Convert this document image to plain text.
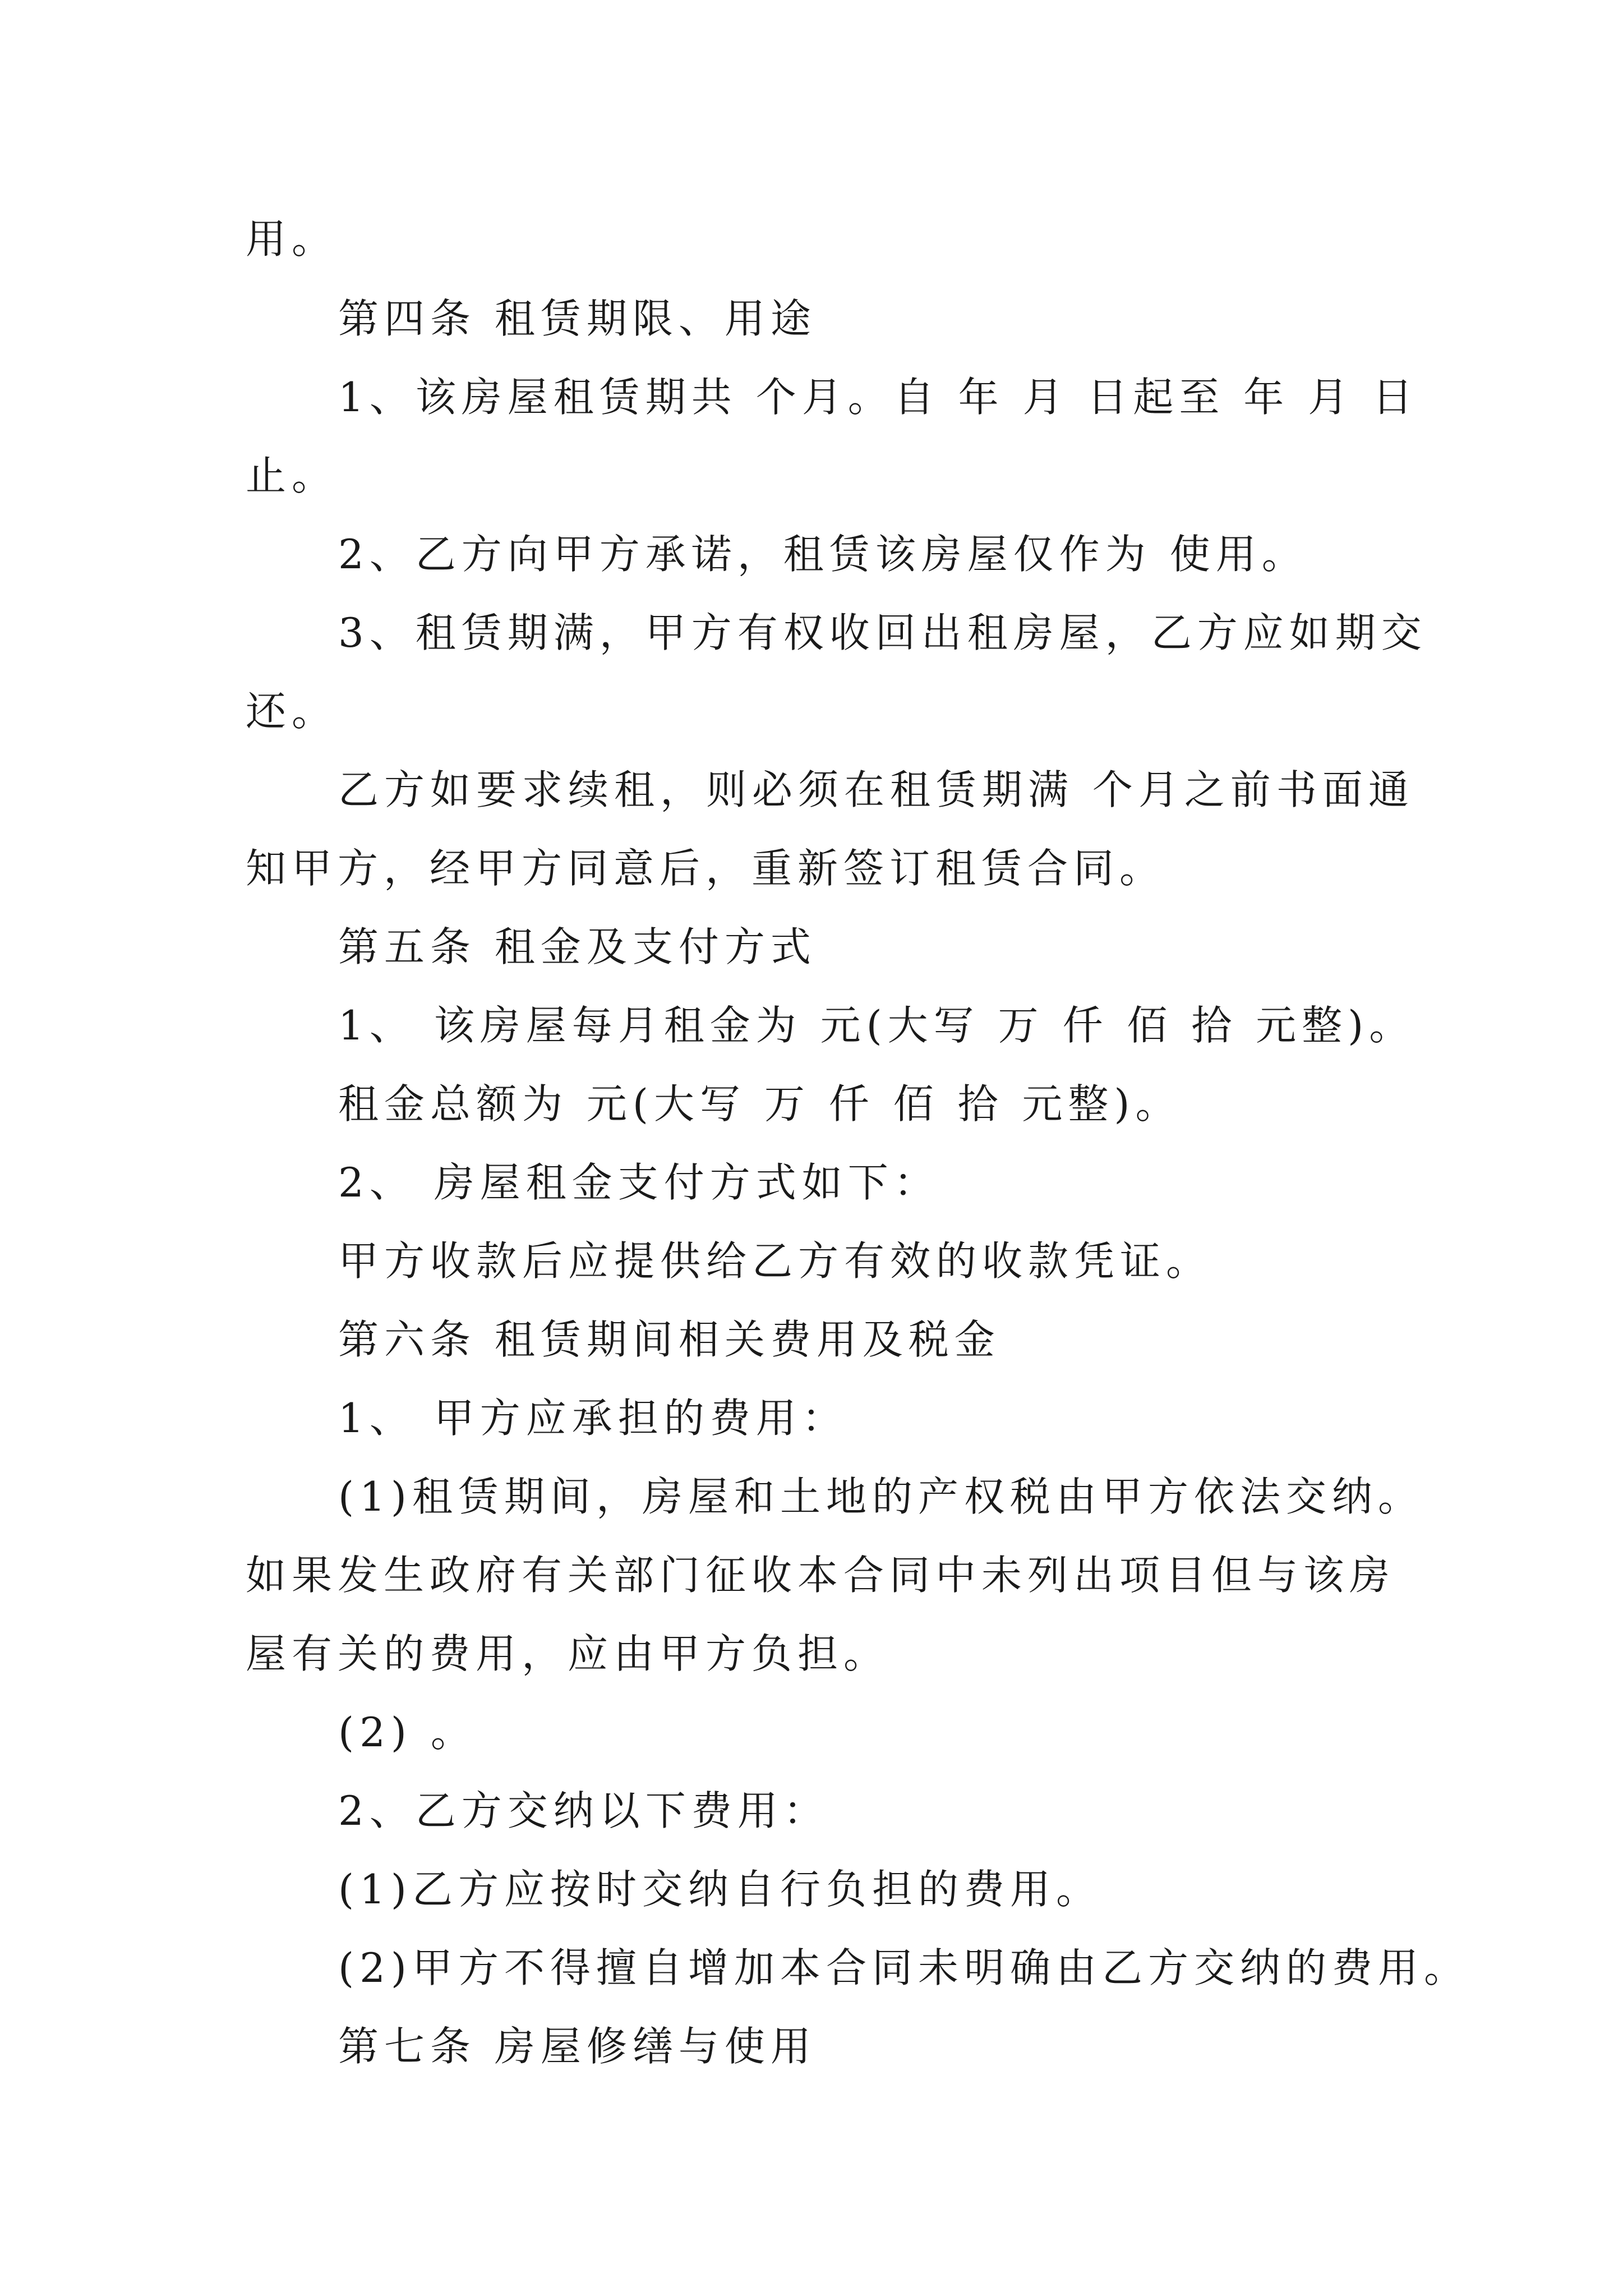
用。
第四条 租赁期限、用途
1、该房屋租赁期共 个月。自 年 月 日起至 年 月 日
止。
2、乙方向甲方承诺，租赁该房屋仅作为 使用。
3、租赁期满，甲方有权收回出租房屋，乙方应如期交
还。
乙方如要求续租，则必须在租赁期满 个月之前书面通
知甲方，经甲方同意后，重新签订租赁合同。
第五条 租金及支付方式
1、 该房屋每月租金为 元(大写 万 仟 佰 拾 元整)。
租金总额为 元(大写 万 仟 佰 拾 元整)。
2、 房屋租金支付方式如下：
甲方收款后应提供给乙方有效的收款凭证。
第六条 租赁期间相关费用及税金
1、 甲方应承担的费用：
(1)租赁期间，房屋和土地的产权税由甲方依法交纳。
如果发生政府有关部门征收本合同中未列出项目但与该房
屋有关的费用，应由甲方负担。
(2) 。
2、乙方交纳以下费用：
(1)乙方应按时交纳自行负担的费用。
(2)甲方不得擅自增加本合同未明确由乙方交纳的费用。
第七条 房屋修缮与使用
